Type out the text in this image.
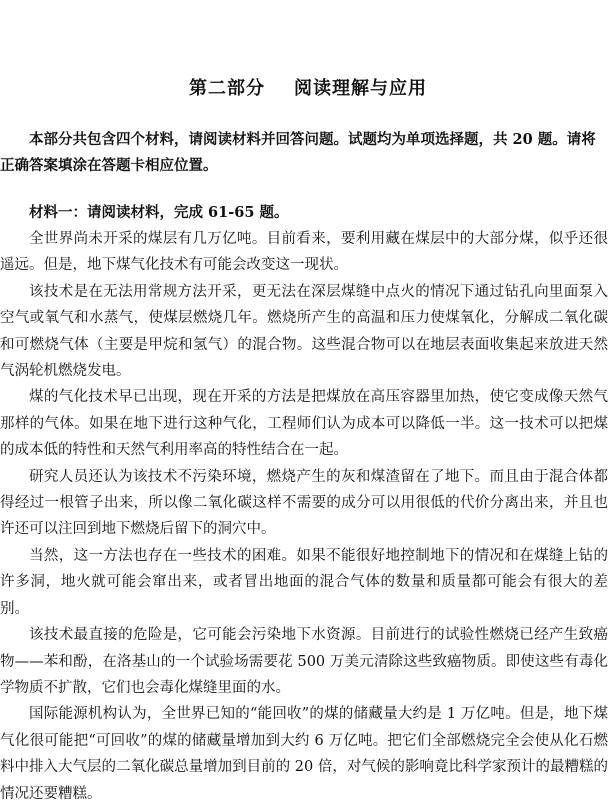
第二部分    阅读理解与应用

本部分共包含四个材料，请阅读材料并回答问题。试题均为单项选择题，共 20 题。请将正确答案填涂在答题卡相应位置。

材料一：请阅读材料，完成 61-65 题。

全世界尚未开采的煤层有几万亿吨。目前看来，要利用藏在煤层中的大部分煤，似乎还很遥远。但是，地下煤气化技术有可能会改变这一现状。

该技术是在无法用常规方法开采，更无法在深层煤缝中点火的情况下通过钻孔向里面泵入空气或氧气和水蒸气，使煤层燃烧几年。燃烧所产生的高温和压力使煤氧化，分解成二氧化碳和可燃烧气体（主要是甲烷和氢气）的混合物。这些混合物可以在地层表面收集起来放进天然气涡轮机燃烧发电。

煤的气化技术早已出现，现在开采的方法是把煤放在高压容器里加热，使它变成像天然气那样的气体。如果在地下进行这种气化，工程师们认为成本可以降低一半。这一技术可以把煤的成本低的特性和天然气利用率高的特性结合在一起。

研究人员还认为该技术不污染环境，燃烧产生的灰和煤渣留在了地下。而且由于混合体都得经过一根管子出来，所以像二氧化碳这样不需要的成分可以用很低的代价分离出来，并且也许还可以注回到地下燃烧后留下的洞穴中。

当然，这一方法也存在一些技术的困难。如果不能很好地控制地下的情况和在煤缝上钻的许多洞，地火就可能会窜出来，或者冒出地面的混合气体的数量和质量都可能会有很大的差别。

该技术最直接的危险是，它可能会污染地下水资源。目前进行的试验性燃烧已经产生致癌物——苯和酚，在洛基山的一个试验场需要花 500 万美元清除这些致癌物质。即使这些有毒化学物质不扩散，它们也会毒化煤缝里面的水。

国际能源机构认为，全世界已知的“能回收”的煤的储藏量大约是 1 万亿吨。但是，地下煤气化很可能把“可回收”的煤的储藏量增加到大约 6 万亿吨。把它们全部燃烧完全会使从化石燃料中排入大气层的二氧化碳总量增加到目前的 20 倍，对气候的影响竟比科学家预计的最糟糕的情况还要糟糕。
